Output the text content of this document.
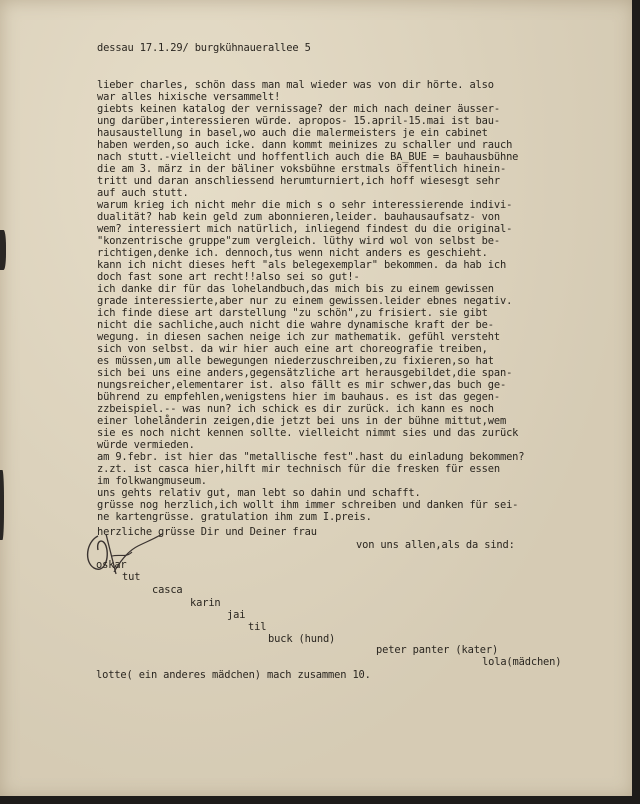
dessau 17.1.29/ burgkühnauerallee 5
lieber charles, schön dass man mal wieder was von dir hörte. also
war alles hixische versammelt!
giebts keinen katalog der vernissage? der mich nach deiner äusser-
ung darüber,interessieren würde. apropos- 15.april-15.mai ist bau-
hausaustellung in basel,wo auch die malermeisters je ein cabinet
haben werden,so auch icke. dann kommt meinizes zu schaller und rauch
nach stutt.-vielleicht und hoffentlich auch die BA_BUE = bauhausbühne
die am 3. märz in der bäliner voksbühne erstmals öffentlich hinein-
tritt und daran anschliessend herumturniert,ich hoff wiesesgt sehr
auf auch stutt.
warum krieg ich nicht mehr die mich s o sehr interessierende indivi-
dualität? hab kein geld zum abonnieren,leider. bauhausaufsatz- von
wem? interessiert mich natürlich, inliegend findest du die original-
"konzentrische gruppe"zum vergleich. lüthy wird wol von selbst be-
richtigen,denke ich. dennoch,tus wenn nicht anders es geschieht.
kann ich nicht dieses heft "als belegexemplar" bekommen. da hab ich
doch fast sone art recht!!also sei so gut!-
ich danke dir für das lohelandbuch,das mich bis zu einem gewissen
grade interessierte,aber nur zu einem gewissen.leider ebnes negativ.
ich finde diese art darstellung "zu schön",zu frisiert. sie gibt
nicht die sachliche,auch nicht die wahre dynamische kraft der be-
wegung. in diesen sachen neige ich zur mathematik. gefühl versteht
sich von selbst. da wir hier auch eine art choreografie treiben,
es müssen,um alle bewegungen niederzuschreiben,zu fixieren,so hat
sich bei uns eine anders,gegensätzliche art herausgebildet,die span-
nungsreicher,elementarer ist. also fällt es mir schwer,das buch ge-
bührend zu empfehlen,wenigstens hier im bauhaus. es ist das gegen-
zzbeispiel.-- was nun? ich schick es dir zurück. ich kann es noch
einer lohelånderin zeigen,die jetzt bei uns in der bühne mittut,wem
sie es noch nicht kennen sollte. vielleicht nimmt sies und das zurück
würde vermieden.
am 9.febr. ist hier das "metallische fest".hast du einladung bekommen?
z.zt. ist casca hier,hilft mir technisch für die fresken für essen
im folkwangmuseum.
uns gehts relativ gut, man lebt so dahin und schafft.
grüsse nog herzlich,ich wollt ihm immer schreiben und danken für sei-
ne kartengrüsse. gratulation ihm zum I.preis.
herzliche grüsse Dir und Deiner frau
von uns allen,als da sind:
oskar
tut
casca
karin
jai
til
buck (hund)
peter panter (kater)
lola(mädchen)
lotte( ein anderes mädchen) mach zusammen 10.
